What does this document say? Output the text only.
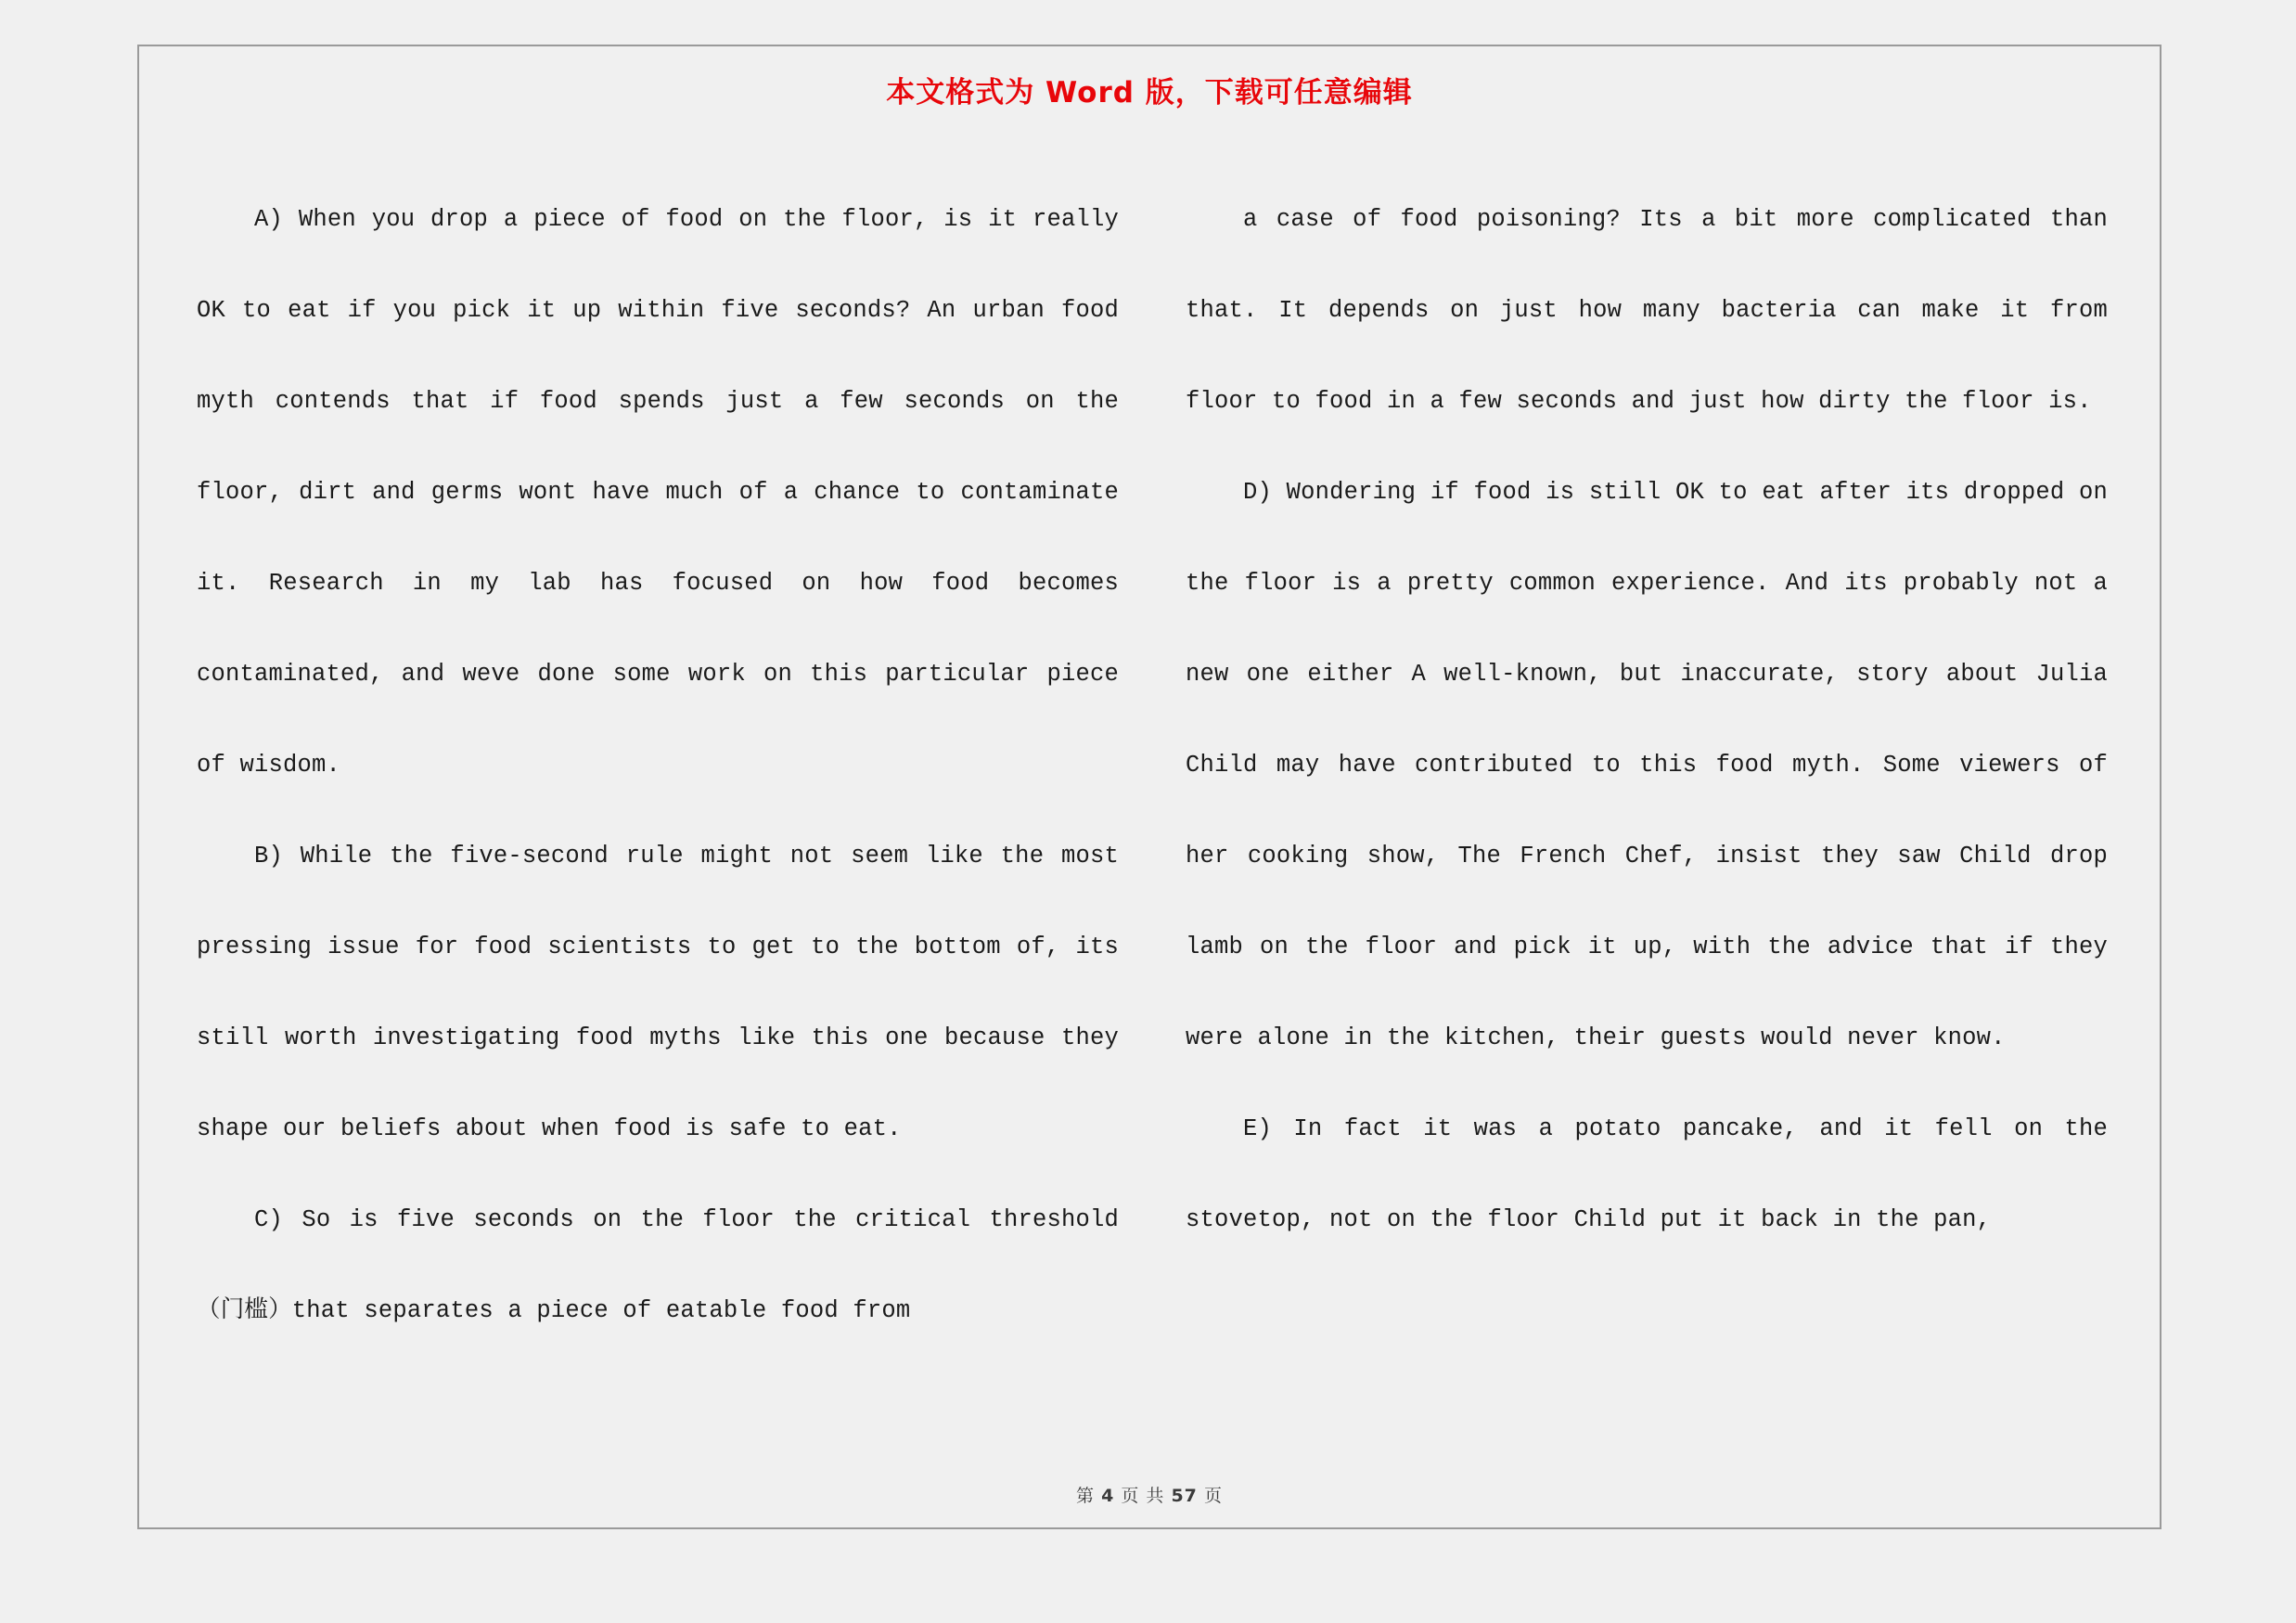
本文格式为 Word 版，下载可任意编辑

A) When you drop a piece of food on the floor, is it really OK to eat if you pick it up within five seconds? An urban food myth contends that if food spends just a few seconds on the floor, dirt and germs wont have much of a chance to contaminate it. Research in my lab has focused on how food becomes contaminated, and weve done some work on this particular piece of wisdom.

B) While the five-second rule might not seem like the most pressing issue for food scientists to get to the bottom of, its still worth investigating food myths like this one because they shape our beliefs about when food is safe to eat.

C) So is five seconds on the floor the critical threshold（门槛）that separates a piece of eatable food from

a case of food poisoning? Its a bit more complicated than that. It depends on just how many bacteria can make it from floor to food in a few seconds and just how dirty the floor is.

D) Wondering if food is still OK to eat after its dropped on the floor is a pretty common experience. And its probably not a new one either A well-known, but inaccurate, story about Julia Child may have contributed to this food myth. Some viewers of her cooking show, The French Chef, insist they saw Child drop lamb on the floor and pick it up, with the advice that if they were alone in the kitchen, their guests would never know.

E) In fact it was a potato pancake, and it fell on the stovetop, not on the floor Child put it back in the pan,

第 4 页 共 57 页
